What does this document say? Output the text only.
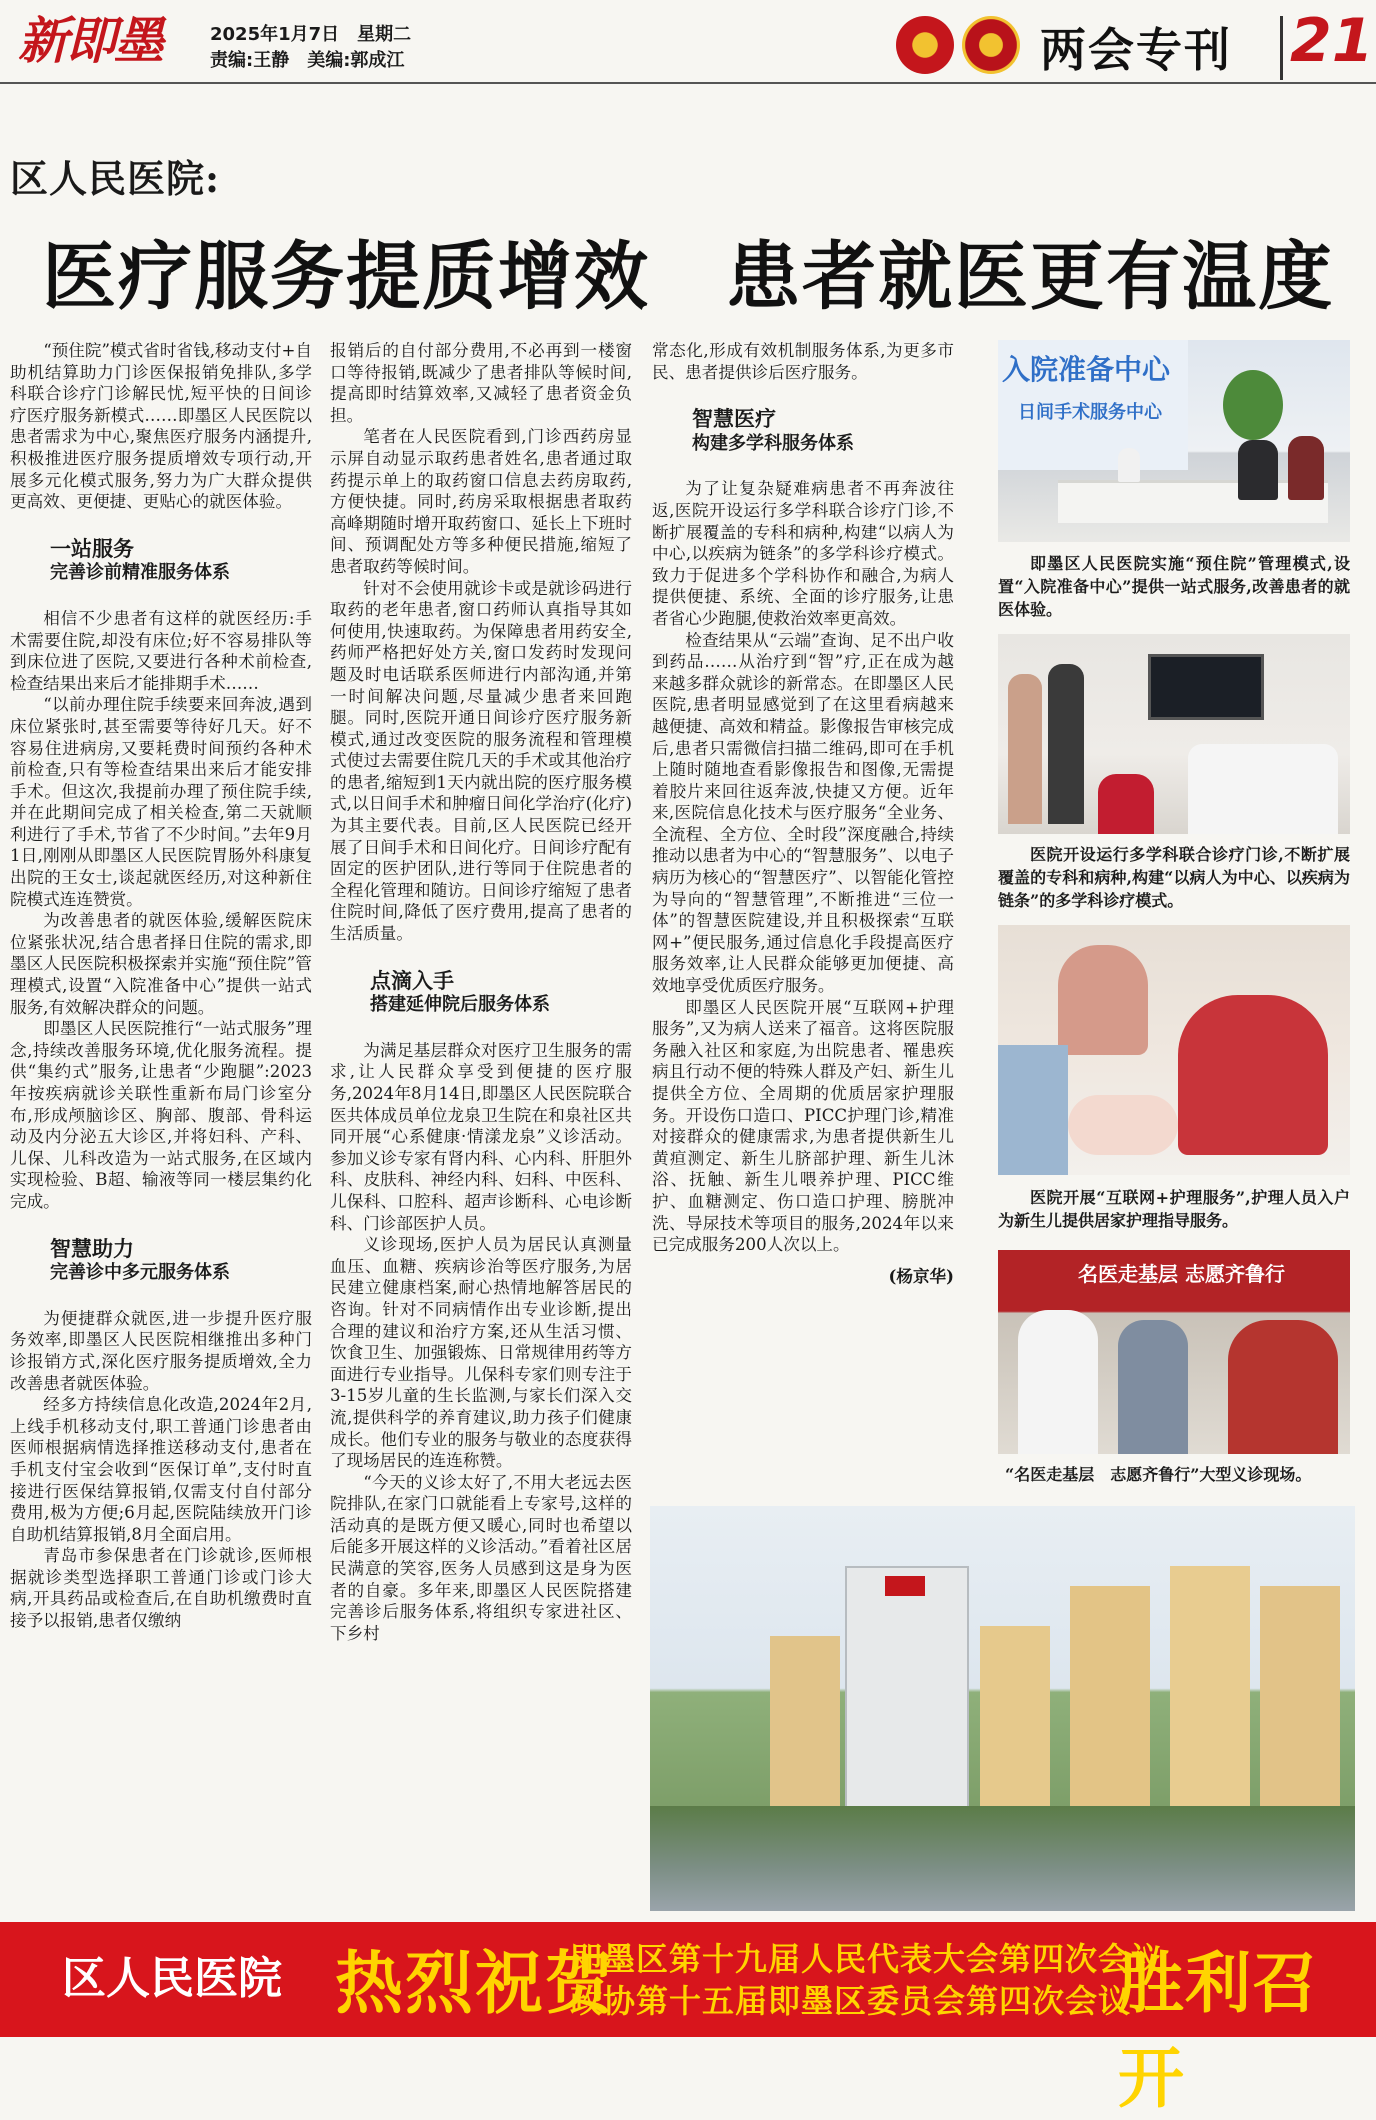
新即墨	2025年1月7日　星期二
责编:王静　美编:郭成江	两会专刊 21
区人民医院:
医疗服务提质增效　患者就医更有温度

“预住院”模式省时省钱,移动支付+自助机结算助力门诊医保报销免排队,多学科联合诊疗门诊解民忧,短平快的日间诊疗医疗服务新模式……即墨区人民医院以患者需求为中心,聚焦医疗服务内涵提升,积极推进医疗服务提质增效专项行动,开展多元化模式服务,努力为广大群众提供更高效、更便捷、更贴心的就医体验。

一站服务

完善诊前精准服务体系

相信不少患者有这样的就医经历:手术需要住院,却没有床位;好不容易排队等到床位进了医院,又要进行各种术前检查,检查结果出来后才能排期手术……

“以前办理住院手续要来回奔波,遇到床位紧张时,甚至需要等待好几天。好不容易住进病房,又要耗费时间预约各种术前检查,只有等检查结果出来后才能安排手术。但这次,我提前办理了预住院手续,并在此期间完成了相关检查,第二天就顺利进行了手术,节省了不少时间。”去年9月1日,刚刚从即墨区人民医院胃肠外科康复出院的王女士,谈起就医经历,对这种新住院模式连连赞赏。

为改善患者的就医体验,缓解医院床位紧张状况,结合患者择日住院的需求,即墨区人民医院积极探索并实施“预住院”管理模式,设置“入院准备中心”提供一站式服务,有效解决群众的问题。

即墨区人民医院推行“一站式服务”理念,持续改善服务环境,优化服务流程。提供“集约式”服务,让患者“少跑腿”:2023年按疾病就诊关联性重新布局门诊室分布,形成颅脑诊区、胸部、腹部、骨科运动及内分泌五大诊区,并将妇科、产科、儿保、儿科改造为一站式服务,在区域内实现检验、B超、输液等同一楼层集约化完成。

智慧助力

完善诊中多元服务体系

为便捷群众就医,进一步提升医疗服务效率,即墨区人民医院相继推出多种门诊报销方式,深化医疗服务提质增效,全力改善患者就医体验。

经多方持续信息化改造,2024年2月,上线手机移动支付,职工普通门诊患者由医师根据病情选择推送移动支付,患者在手机支付宝会收到“医保订单”,支付时直接进行医保结算报销,仅需支付自付部分费用,极为方便;6月起,医院陆续放开门诊自助机结算报销,8月全面启用。

青岛市参保患者在门诊就诊,医师根据就诊类型选择职工普通门诊或门诊大病,开具药品或检查后,在自助机缴费时直接予以报销,患者仅缴纳

报销后的自付部分费用,不必再到一楼窗口等待报销,既减少了患者排队等候时间,提高即时结算效率,又减轻了患者资金负担。

笔者在人民医院看到,门诊西药房显示屏自动显示取药患者姓名,患者通过取药提示单上的取药窗口信息去药房取药,方便快捷。同时,药房采取根据患者取药高峰期随时增开取药窗口、延长上下班时间、预调配处方等多种便民措施,缩短了患者取药等候时间。

针对不会使用就诊卡或是就诊码进行取药的老年患者,窗口药师认真指导其如何使用,快速取药。为保障患者用药安全,药师严格把好处方关,窗口发药时发现问题及时电话联系医师进行内部沟通,并第一时间解决问题,尽量减少患者来回跑腿。同时,医院开通日间诊疗医疗服务新模式,通过改变医院的服务流程和管理模式使过去需要住院几天的手术或其他治疗的患者,缩短到1天内就出院的医疗服务模式,以日间手术和肿瘤日间化学治疗(化疗)为其主要代表。目前,区人民医院已经开展了日间手术和日间化疗。日间诊疗配有固定的医护团队,进行等同于住院患者的全程化管理和随访。日间诊疗缩短了患者住院时间,降低了医疗费用,提高了患者的生活质量。

点滴入手

搭建延伸院后服务体系

为满足基层群众对医疗卫生服务的需求,让人民群众享受到便捷的医疗服务,2024年8月14日,即墨区人民医院联合医共体成员单位龙泉卫生院在和泉社区共同开展“心系健康·情漾龙泉”义诊活动。参加义诊专家有肾内科、心内科、肝胆外科、皮肤科、神经内科、妇科、中医科、儿保科、口腔科、超声诊断科、心电诊断科、门诊部医护人员。

义诊现场,医护人员为居民认真测量血压、血糖、疾病诊治等医疗服务,为居民建立健康档案,耐心热情地解答居民的咨询。针对不同病情作出专业诊断,提出合理的建议和治疗方案,还从生活习惯、饮食卫生、加强锻炼、日常规律用药等方面进行专业指导。儿保科专家们则专注于3-15岁儿童的生长监测,与家长们深入交流,提供科学的养育建议,助力孩子们健康成长。他们专业的服务与敬业的态度获得了现场居民的连连称赞。

“今天的义诊太好了,不用大老远去医院排队,在家门口就能看上专家号,这样的活动真的是既方便又暖心,同时也希望以后能多开展这样的义诊活动。”看着社区居民满意的笑容,医务人员感到这是身为医者的自豪。多年来,即墨区人民医院搭建完善诊后服务体系,将组织专家进社区、下乡村

常态化,形成有效机制服务体系,为更多市民、患者提供诊后医疗服务。

智慧医疗

构建多学科服务体系

为了让复杂疑难病患者不再奔波往返,医院开设运行多学科联合诊疗门诊,不断扩展覆盖的专科和病种,构建“以病人为中心,以疾病为链条”的多学科诊疗模式。致力于促进多个学科协作和融合,为病人提供便捷、系统、全面的诊疗服务,让患者省心少跑腿,使救治效率更高效。

检查结果从“云端”查询、足不出户收到药品……从治疗到“智”疗,正在成为越来越多群众就诊的新常态。在即墨区人民医院,患者明显感觉到了在这里看病越来越便捷、高效和精益。影像报告审核完成后,患者只需微信扫描二维码,即可在手机上随时随地查看影像报告和图像,无需提着胶片来回往返奔波,快捷又方便。近年来,医院信息化技术与医疗服务“全业务、全流程、全方位、全时段”深度融合,持续推动以患者为中心的“智慧服务”、以电子病历为核心的“智慧医疗”、以智能化管控为导向的“智慧管理”,不断推进“三位一体”的智慧医院建设,并且积极探索“互联网+”便民服务,通过信息化手段提高医疗服务效率,让人民群众能够更加便捷、高效地享受优质医疗服务。

即墨区人民医院开展“互联网+护理服务”,又为病人送来了福音。这将医院服务融入社区和家庭,为出院患者、罹患疾病且行动不便的特殊人群及产妇、新生儿提供全方位、全周期的优质居家护理服务。开设伤口造口、PICC护理门诊,精准对接群众的健康需求,为患者提供新生儿黄疸测定、新生儿脐部护理、新生儿沐浴、抚触、新生儿喂养护理、PICC维护、血糖测定、伤口造口护理、膀胱冲洗、导尿技术等项目的服务,2024年以来已完成服务200人次以上。

(杨京华)

入院准备中心
日间手术服务中心
即墨区人民医院实施“预住院”管理模式,设置“入院准备中心”提供一站式服务,改善患者的就医体验。
医院开设运行多学科联合诊疗门诊,不断扩展覆盖的专科和病种,构建“以病人为中心、以疾病为链条”的多学科诊疗模式。
医院开展“互联网+护理服务”,护理人员入户为新生儿提供居家护理指导服务。
名医走基层 志愿齐鲁行
“名医走基层　志愿齐鲁行”大型义诊现场。
区人民医院 热烈祝贺
即墨区第十九届人民代表大会第四次会议
政协第十五届即墨区委员会第四次会议
胜利召开
